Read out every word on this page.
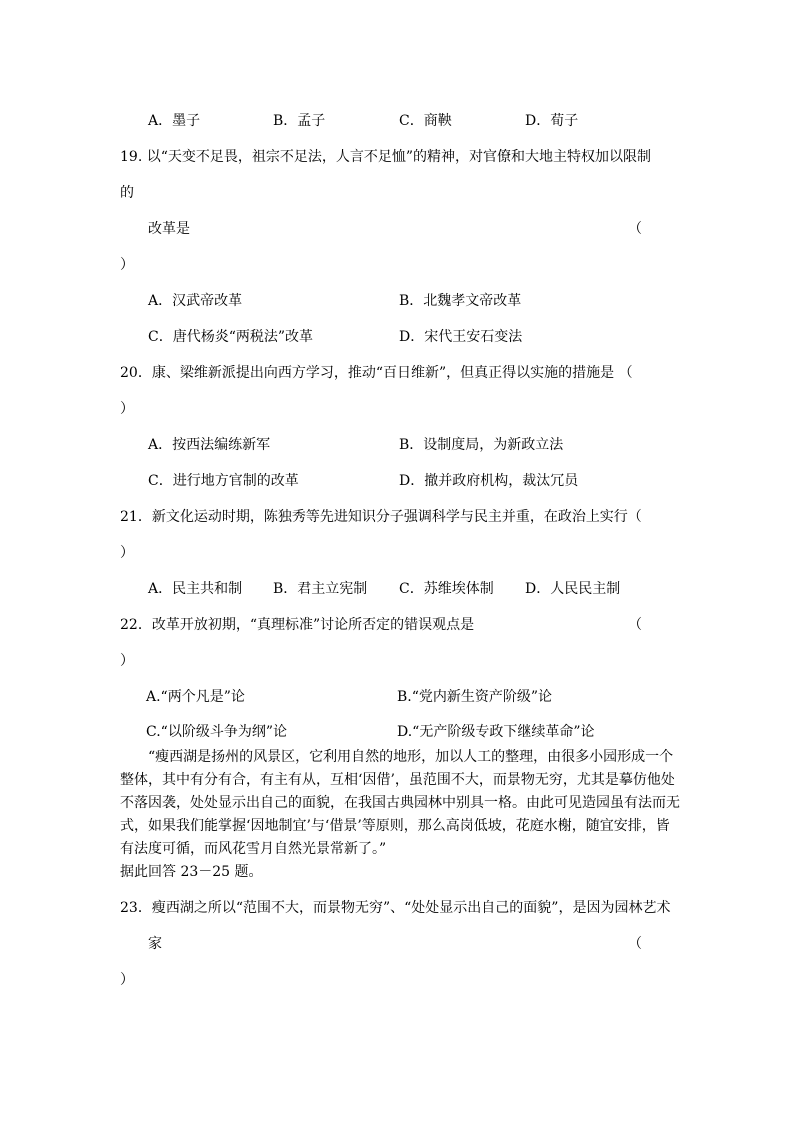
A．墨子	B．孟子	C．商鞅	D．荀子
19. 以“天变不足畏，祖宗不足法，人言不足恤”的精神，对官僚和大地主特权加以限制
的
改革是	（
）
A．汉武帝改革	B．北魏孝文帝改革
C．唐代杨炎“两税法”改革	D．宋代王安石变法
20．康、梁维新派提出向西方学习，推动“百日维新”，但真正得以实施的措施是 （
）
A．按西法编练新军	B．设制度局，为新政立法
C．进行地方官制的改革	D．撤并政府机构，裁汰冗员
21．新文化运动时期，陈独秀等先进知识分子强调科学与民主并重，在政治上实行（
）
A．民主共和制 B．君主立宪制 C．苏维埃体制 D．人民民主制
22．改革开放初期，“真理标准”讨论所否定的错误观点是	（
）
A.“两个凡是”论	B.“党内新生资产阶级”论
C.“以阶级斗争为纲”论	D.“无产阶级专政下继续革命”论

“瘦西湖是扬州的风景区，它利用自然的地形，加以人工的整理，由很多小园形成一个整体，其中有分有合，有主有从，互相‘因借’，虽范围不大，而景物无穷，尤其是摹仿他处不落因袭，处处显示出自己的面貌，在我国古典园林中别具一格。由此可见造园虽有法而无式，如果我们能掌握‘因地制宜’与‘借景’等原则，那么高岗低坡，花庭水榭，随宜安排，皆有法度可循，而风花雪月自然光景常新了。”

据此回答 23－25 题。
23．瘦西湖之所以“范围不大，而景物无穷”、“处处显示出自己的面貌”，是因为园林艺术
家	（
）
